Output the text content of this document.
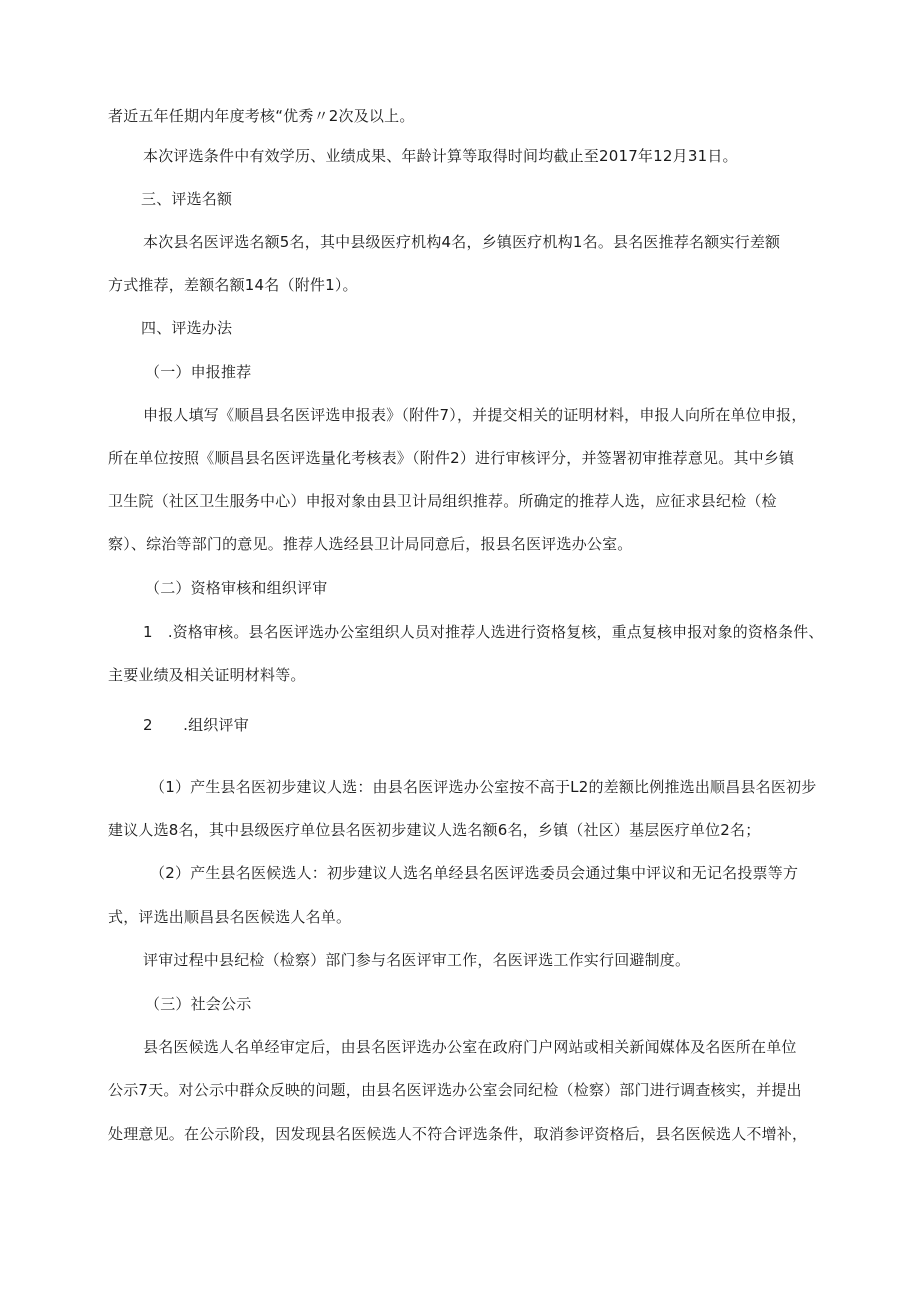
者近五年任期内年度考核“优秀〃2次及以上。
本次评选条件中有效学历、业绩成果、年龄计算等取得时间均截止至2017年12月31日。
三、评选名额
本次县名医评选名额5名，其中县级医疗机构4名，乡镇医疗机构1名。县名医推荐名额实行差额
方式推荐，差额名额14名（附件1）。
四、评选办法
（一）申报推荐
申报人填写《顺昌县名医评选申报表》（附件7），并提交相关的证明材料，申报人向所在单位申报，
所在单位按照《顺昌县名医评选量化考核表》（附件2）进行审核评分，并签署初审推荐意见。其中乡镇
卫生院（社区卫生服务中心）申报对象由县卫计局组织推荐。所确定的推荐人选，应征求县纪检（检
察）、综治等部门的意见。推荐人选经县卫计局同意后，报县名医评选办公室。
（二）资格审核和组织评审
1　.资格审核。县名医评选办公室组织人员对推荐人选进行资格复核，重点复核申报对象的资格条件、
主要业绩及相关证明材料等。
2　　.组织评审
（1）产生县名医初步建议人选：由县名医评选办公室按不高于L2的差额比例推选出顺昌县名医初步
建议人选8名，其中县级医疗单位县名医初步建议人选名额6名，乡镇（社区）基层医疗单位2名；
（2）产生县名医候选人：初步建议人选名单经县名医评选委员会通过集中评议和无记名投票等方
式，评选出顺昌县名医候选人名单。
评审过程中县纪检（检察）部门参与名医评审工作，名医评选工作实行回避制度。
（三）社会公示
县名医候选人名单经审定后，由县名医评选办公室在政府门户网站或相关新闻媒体及名医所在单位
公示7天。对公示中群众反映的问题，由县名医评选办公室会同纪检（检察）部门进行调查核实，并提出
处理意见。在公示阶段，因发现县名医候选人不符合评选条件，取消参评资格后，县名医候选人不增补，
